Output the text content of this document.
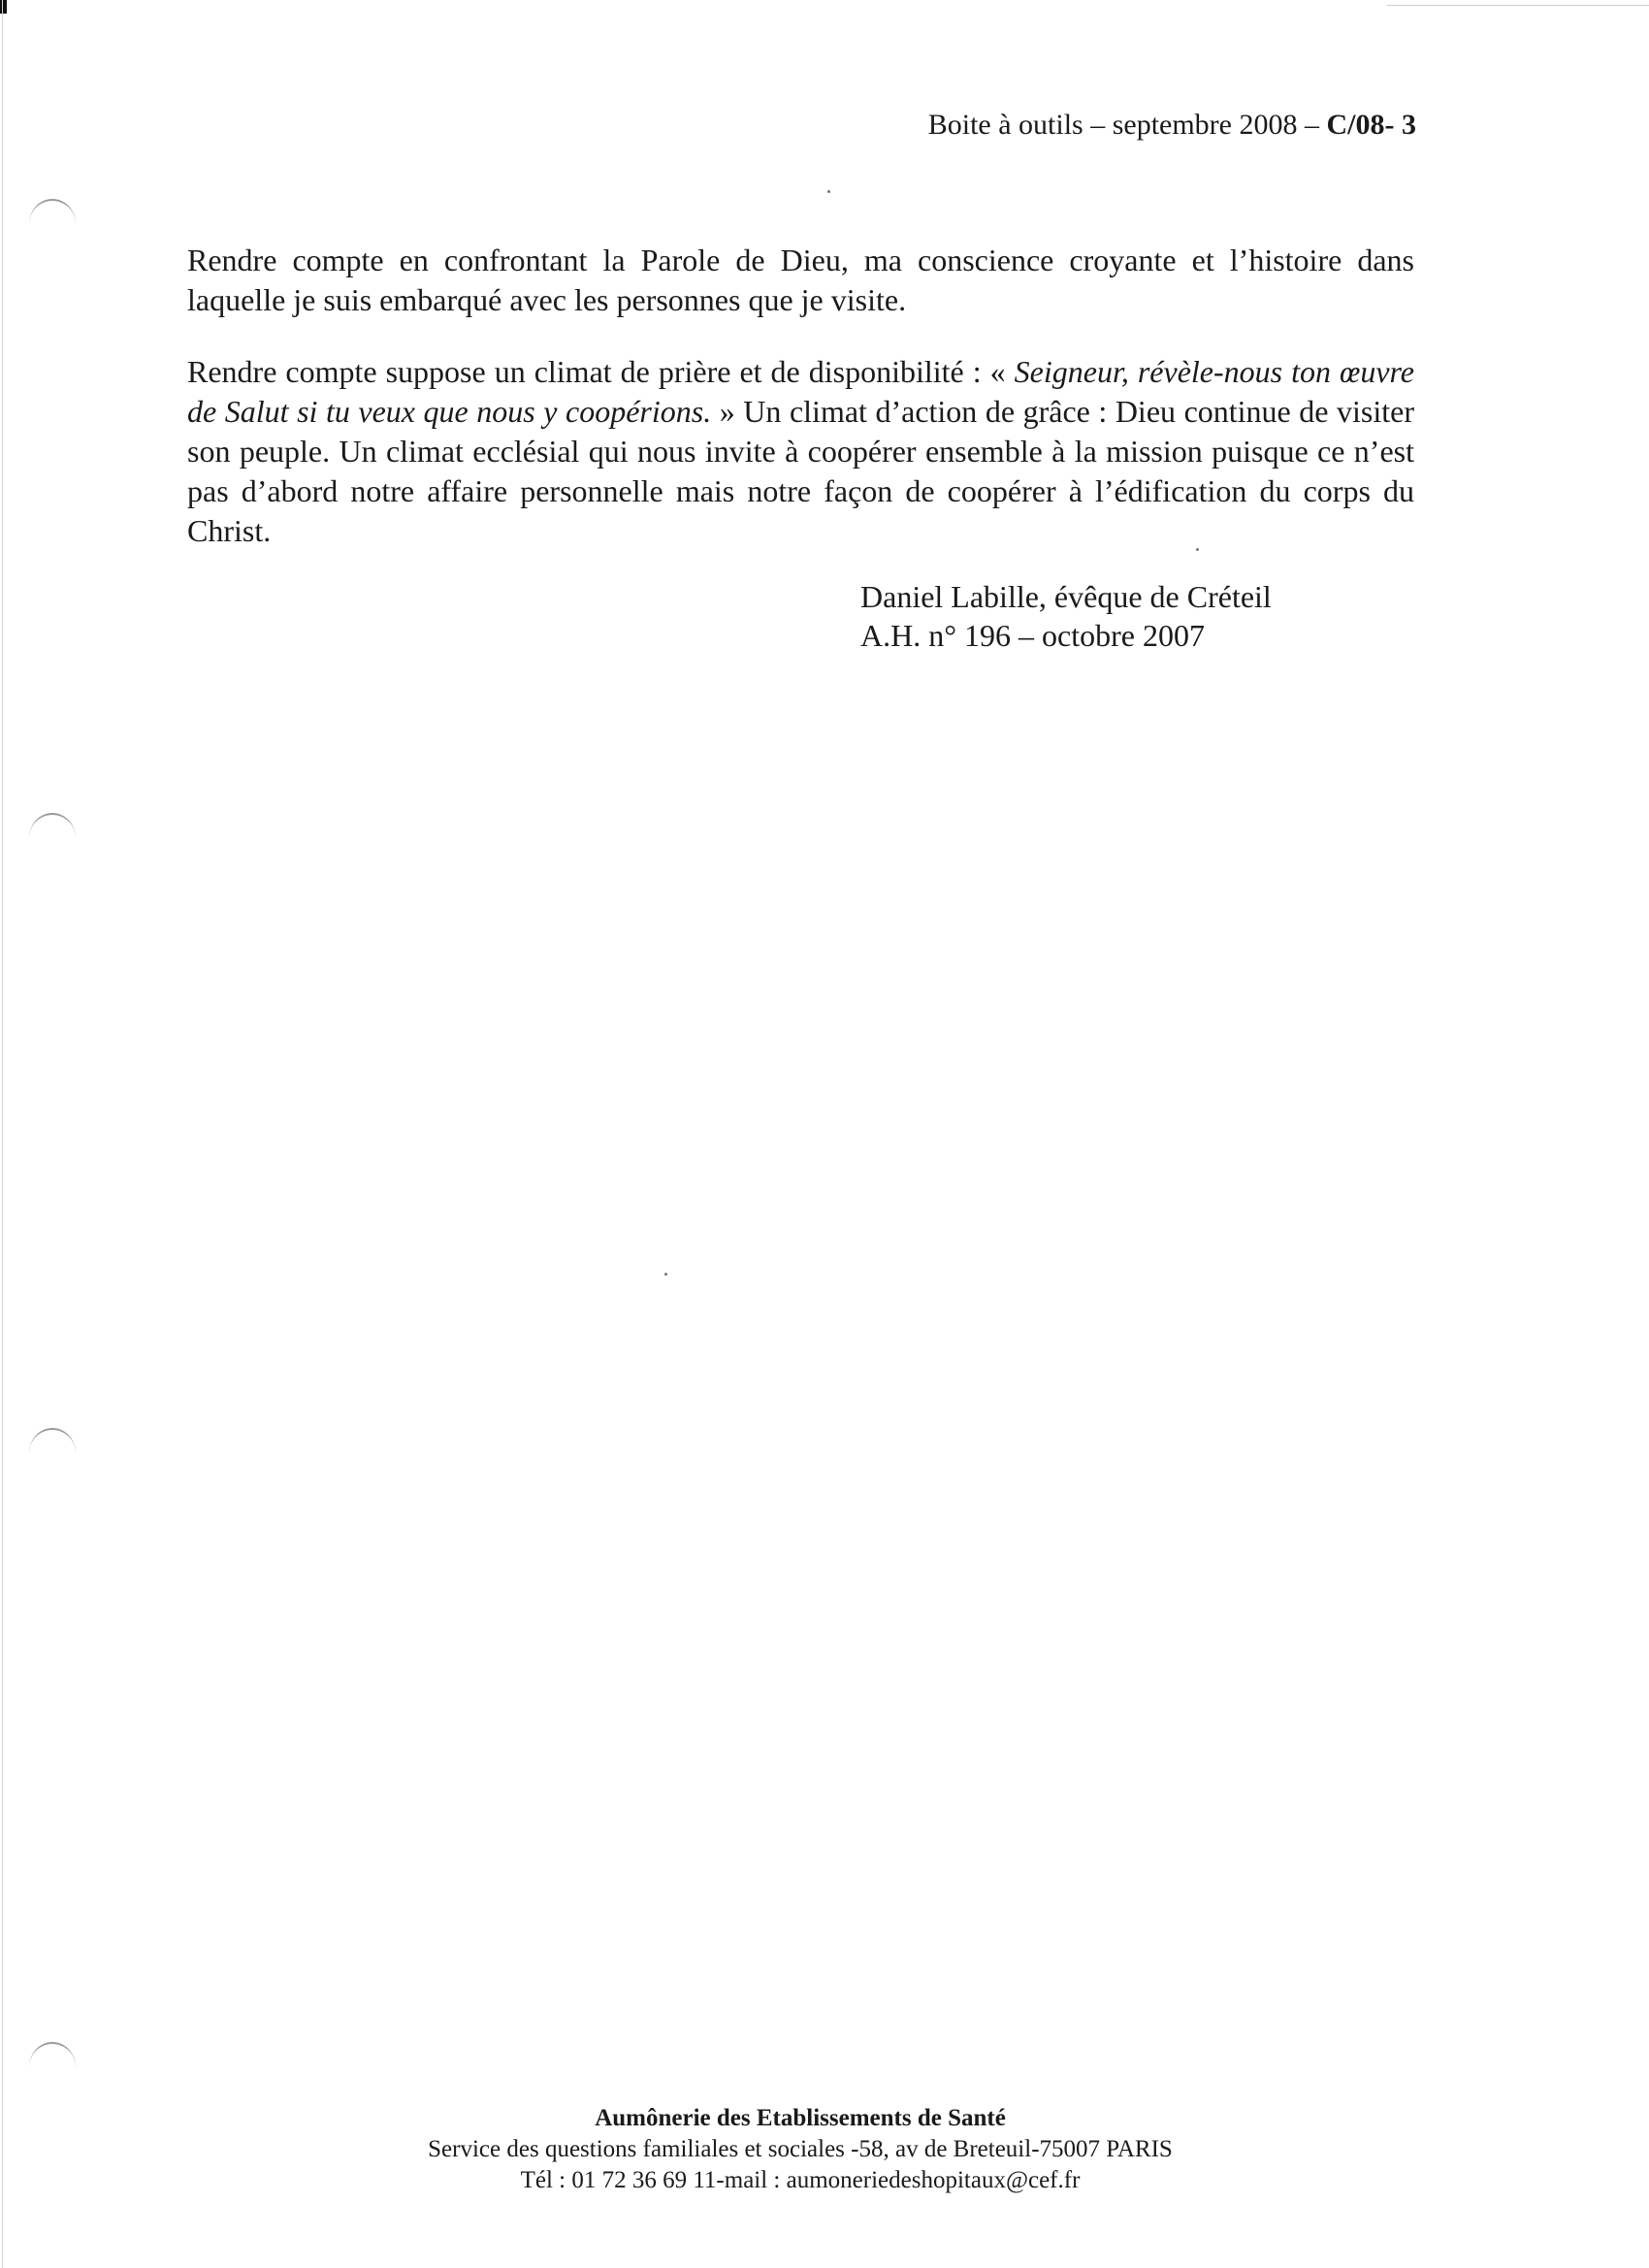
Boite à outils – septembre 2008 – C/08- 3

Rendre compte en confrontant la Parole de Dieu, ma conscience croyante et l’histoire dans laquelle je suis embarqué avec les personnes que je visite.

Rendre compte suppose un climat de prière et de disponibilité : « Seigneur, révèle-nous ton œuvre de Salut si tu veux que nous y coopérions. » Un climat d’action de grâce : Dieu continue de visiter son peuple. Un climat ecclésial qui nous invite à coopérer ensemble à la mission puisque ce n’est pas d’abord notre affaire personnelle mais notre façon de coopérer à l’édification du corps du Christ.

Daniel Labille, évêque de Créteil
A.H. n° 196 – octobre 2007
Aumônerie des Etablissements de Santé
Service des questions familiales et sociales -58, av de Breteuil-75007 PARIS
Tél : 01 72 36 69 11-mail : aumoneriedeshopitaux@cef.fr
